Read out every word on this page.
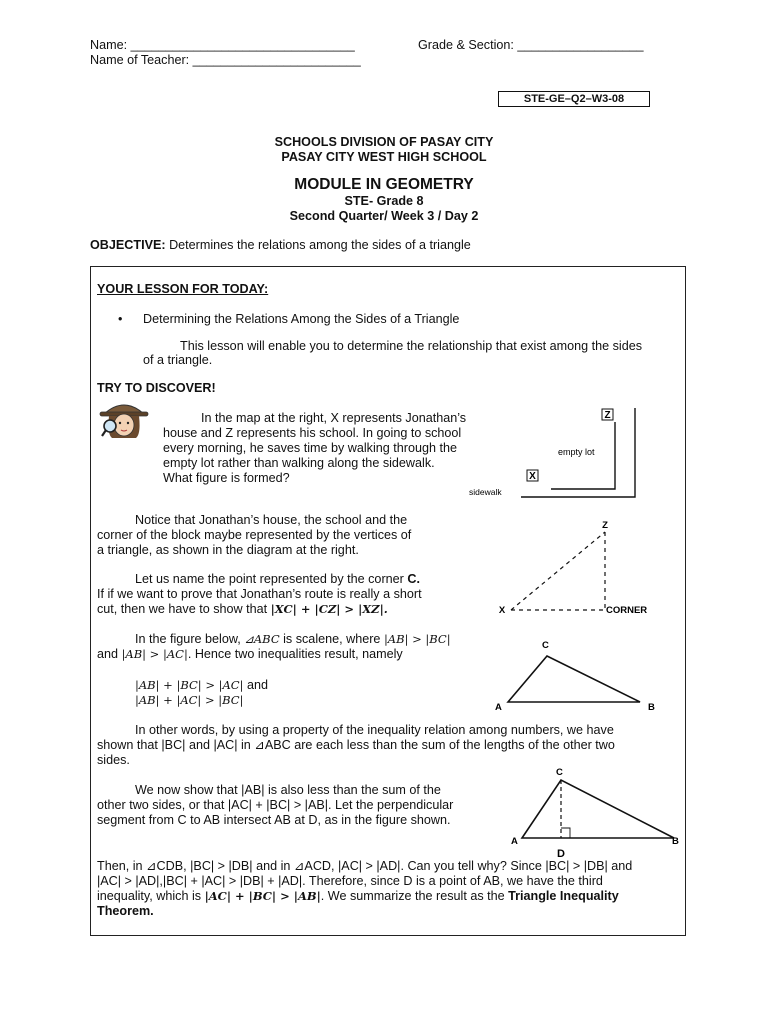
Name: ________________________________	Grade & Section: __________________
Name of Teacher: ________________________
STE-GE–Q2–W3-08
SCHOOLS DIVISION OF PASAY CITY
PASAY CITY WEST HIGH SCHOOL
MODULE IN GEOMETRY
STE- Grade 8
Second Quarter/ Week 3 / Day 2
OBJECTIVE: Determines the relations among the sides of a triangle
YOUR LESSON FOR TODAY:
• Determining the Relations Among the Sides of a Triangle
This lesson will enable you to determine the relationship that exist among the sides
of a triangle.
TRY TO DISCOVER!
In the map at the right, X represents Jonathan’s
house and Z represents his school. In going to school
every morning, he saves time by walking through the
empty lot rather than walking along the sidewalk.
What figure is formed?
Z
X
empty lot
sidewalk
Notice that Jonathan’s house, the school and the
corner of the block maybe represented by the vertices of
a triangle, as shown in the diagram at the right.
Z
X	CORNER
Let us name the point represented by the corner C.
If if we want to prove that Jonathan’s route is really a short
cut, then we have to show that |XC| + |CZ| > |XZ|.
In the figure below, ⊿ABC is scalene, where |AB| > |BC|
and |AB| > |AC|. Hence two inequalities result, namely
|AB| + |BC| > |AC| and
|AB| + |AC| > |BC|
C
A	B
In other words, by using a property of the inequality relation among numbers, we have
shown that |BC| and |AC| in ⊿ABC are each less than the sum of the lengths of the other two
sides.
We now show that |AB| is also less than the sum of the
other two sides, or that |AC| + |BC| > |AB|. Let the perpendicular
segment from C to AB intersect AB at D, as in the figure shown.
C
A	B
D
Then, in ⊿CDB, |BC| > |DB| and in ⊿ACD, |AC| > |AD|. Can you tell why? Since |BC| > |DB| and
|AC| > |AD|,|BC| + |AC| > |DB| + |AD|. Therefore, since D is a point of AB, we have the third
inequality, which is |AC| + |BC| > |AB|. We summarize the result as the Triangle Inequality
Theorem.
